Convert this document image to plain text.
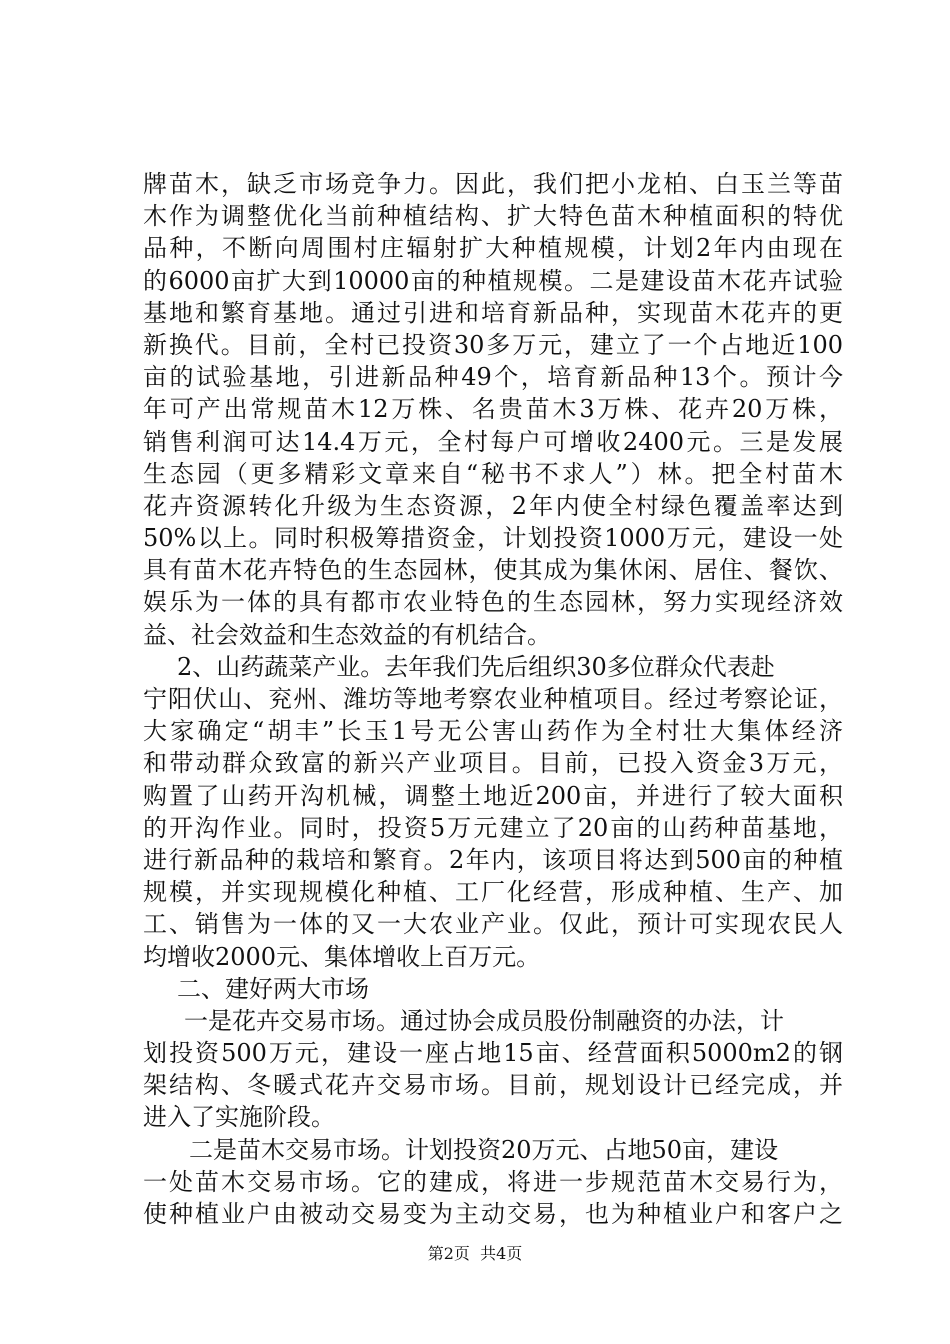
牌苗木，缺乏市场竞争力。因此，我们把小龙柏、白玉兰等苗
木作为调整优化当前种植结构、扩大特色苗木种植面积的特优
品种，不断向周围村庄辐射扩大种植规模，计划2年内由现在
的6000亩扩大到10000亩的种植规模。二是建设苗木花卉试验
基地和繁育基地。通过引进和培育新品种，实现苗木花卉的更
新换代。目前，全村已投资30多万元，建立了一个占地近100
亩的试验基地，引进新品种49个，培育新品种13个。预计今
年可产出常规苗木12万株、名贵苗木3万株、花卉20万株，
销售利润可达14.4万元，全村每户可增收2400元。三是发展
生态园（更多精彩文章来自“秘书不求人”）林。把全村苗木
花卉资源转化升级为生态资源，2年内使全村绿色覆盖率达到
50%以上。同时积极筹措资金，计划投资1000万元，建设一处
具有苗木花卉特色的生态园林，使其成为集休闲、居住、餐饮、
娱乐为一体的具有都市农业特色的生态园林，努力实现经济效
益、社会效益和生态效益的有机结合。
2、山药蔬菜产业。去年我们先后组织30多位群众代表赴
宁阳伏山、兖州、潍坊等地考察农业种植项目。经过考察论证，
大家确定“胡丰”长玉1号无公害山药作为全村壮大集体经济
和带动群众致富的新兴产业项目。目前，已投入资金3万元，
购置了山药开沟机械，调整土地近200亩，并进行了较大面积
的开沟作业。同时，投资5万元建立了20亩的山药种苗基地，
进行新品种的栽培和繁育。2年内，该项目将达到500亩的种植
规模，并实现规模化种植、工厂化经营，形成种植、生产、加
工、销售为一体的又一大农业产业。仅此，预计可实现农民人
均增收2000元、集体增收上百万元。
二、建好两大市场
一是花卉交易市场。通过协会成员股份制融资的办法，计
划投资500万元，建设一座占地15亩、经营面积5000m2的钢
架结构、冬暖式花卉交易市场。目前，规划设计已经完成，并
进入了实施阶段。
二是苗木交易市场。计划投资20万元、占地50亩，建设
一处苗木交易市场。它的建成，将进一步规范苗木交易行为，
使种植业户由被动交易变为主动交易，也为种植业户和客户之
第2页  共4页
